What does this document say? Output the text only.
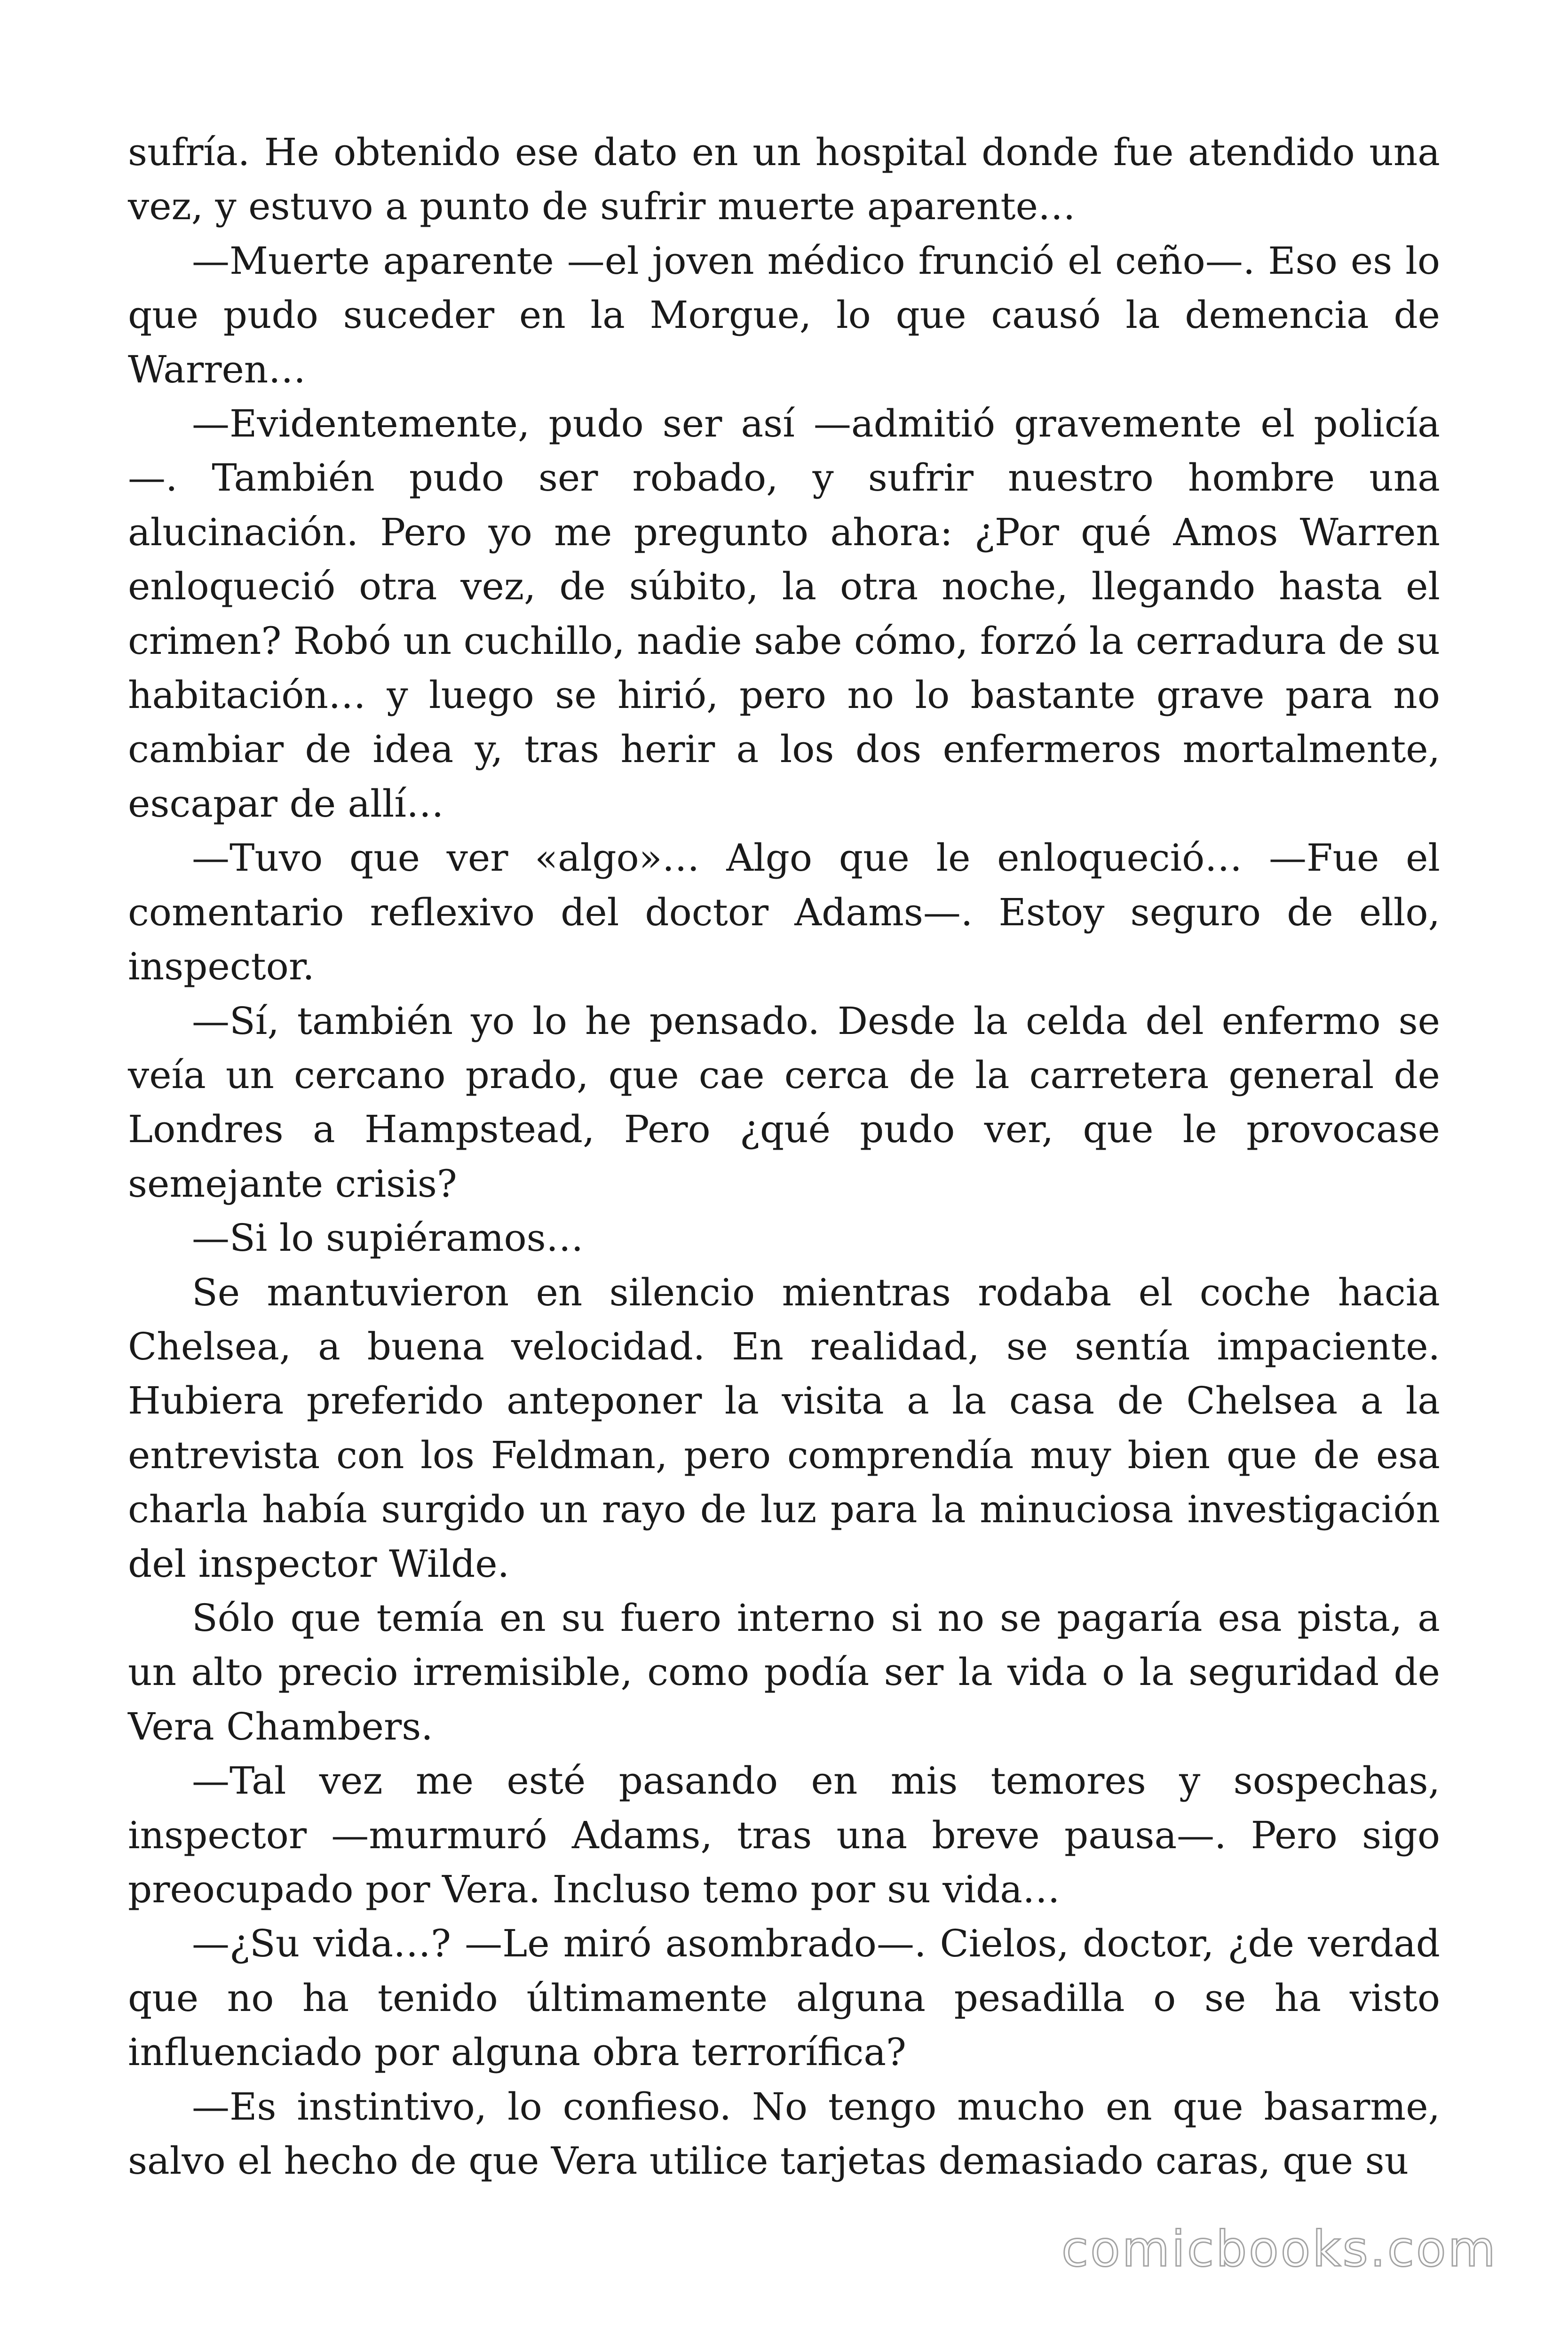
sufría. He obtenido ese dato en un hospital donde fue atendido una vez, y estuvo a punto de sufrir muerte aparente…

—Muerte aparente —el joven médico frunció el ceño—. Eso es lo que pudo suceder en la Morgue, lo que causó la demencia de Warren…

—Evidentemente, pudo ser así —admitió gravemente el policía —. También pudo ser robado, y sufrir nuestro hombre una alucinación. Pero yo me pregunto ahora: ¿Por qué Amos Warren enloqueció otra vez, de súbito, la otra noche, llegando hasta el crimen? Robó un cuchillo, nadie sabe cómo, forzó la cerradura de su habitación… y luego se hirió, pero no lo bastante grave para no cambiar de idea y, tras herir a los dos enfermeros mortalmente, escapar de allí…

—Tuvo que ver «algo»… Algo que le enloqueció… —Fue el comentario reflexivo del doctor Adams—. Estoy seguro de ello, inspector.

—Sí, también yo lo he pensado. Desde la celda del enfermo se veía un cercano prado, que cae cerca de la carretera general de Londres a Hampstead, Pero ¿qué pudo ver, que le provocase semejante crisis?

—Si lo supiéramos…

Se mantuvieron en silencio mientras rodaba el coche hacia Chelsea, a buena velocidad. En realidad, se sentía impaciente. Hubiera preferido anteponer la visita a la casa de Chelsea a la entrevista con los Feldman, pero comprendía muy bien que de esa charla había surgido un rayo de luz para la minuciosa investigación del inspector Wilde.

Sólo que temía en su fuero interno si no se pagaría esa pista, a un alto precio irremisible, como podía ser la vida o la seguridad de Vera Chambers.

—Tal vez me esté pasando en mis temores y sospechas, inspector —murmuró Adams, tras una breve pausa—. Pero sigo preocupado por Vera. Incluso temo por su vida…

—¿Su vida…? —Le miró asombrado—. Cielos, doctor, ¿de verdad que no ha tenido últimamente alguna pesadilla o se ha visto influenciado por alguna obra terrorífica?

—Es instintivo, lo confieso. No tengo mucho en que basarme, salvo el hecho de que Vera utilice tarjetas demasiado caras, que su

comicbooks.com
